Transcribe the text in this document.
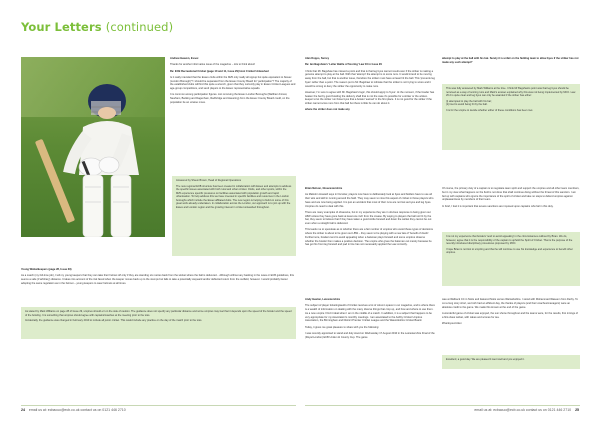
Your Letters (continued)

Andrew Heaven, Essex

Thanks for another informative issue of the magazine – lots to think about!

Re: ECB Recreational Cricket (page 10 and 11, Issue 29) Host Cricket Unleashed

Is it really intended that the Essex clubs within the M25 only really all signup but quite equivalent to 'Essex (London Borough)'? I should be separated from the Essex County Board for 'participation'? The majority of the established clubs will find this quite a wrench, given that they currently play in Essex Cricket Leagues and age-group competitions, and send players to the Essex representative squads.

It is common among participation figures. List removing the Essex London Boroughs (Waltham Forest, Newham, Barking and Dagenham, Redbridge and Havering) from the Essex County Board could, on the population be an unwise move.

Answered by Shaun Brown, Head of Regional Operations

The new regional ECB structure has been created in collaboration with Essex and attempts to address the specific issues associated with both rural and urban cricket. Clubs, and other sports, within the M25 experience specific pressures on facilities associated with population growth and rapid urbanisation. To help address this we have invested in specific facilities and resources in the London boroughs which include the Essex affiliated clubs. The new region is helping to build on some of this great work already undertaken. In collaboration across the London, our approach is to join up with the Essex and London region and the growing interest in cricket unleashed throughout.

Young Wicketkeepers (page 28, Issue 29)

As a coach (my full-time job), I tell my young keepers that they can take their helmet off only if they are standing six metres back from the wicket where the ball is delivered... Although without any backing in the Laws or ECB guidelines, this seems a safe (if arbitrary) distance. It takes into account of the risk faced when the keeper moves back up to the stumps but fails to take a potentially wayward and/or deflected return from the outfield, however. I would probably favour adopting the same regulation as in the helmet – young keepers to wear helmets at all times.

As stated by Mark Williams on page 28 of Issue 29, umpires should err on the side of caution. The guidance does not specify any particular distance and some umpires may feel that it depends upon the speed of the bowler and the speed of the bowling. It is something that umpires should agree with captains/coaches at the meeting prior to the toss.

Incidentally, the guidance was changed in February 2010 to include all junior cricket. This would include any practice on the day of the match prior to the toss.

Alan Dopps, Surrey

Re: Ian Bagshaw's 'Letter Battle of Scoring' Law 16 in Issue 29

I think that Mr. Bagshaw has missed a point and that is that leg byes cannot result even if the striker is making a genuine attempt to play at the ball. With that 'attempt' the attempt is to score runs. It would intend to be moving away from the ball, but that is another issue, therefore the striker must have at least hit the ball. This 'prevents leg byes' rather than a point. The reason put to Mr. Bagshaw to indicate that the striker is not trying to score and it would be wrong to deny the striker the opportunity to make runs.

However, I'm sure to agree with Mr. Bagshaw's logic, this should apply to 'byes'. At the moment, if the bowler has beaten the bat by good bowling the delivery shall that is not the case it's possible for a striker or the wicket-keeper to let the striker run those byes that a bowler 'earned' in the first place. It is not good for the striker if the striker cannot score runs from that ball but there is little he can do about it.

where the striker does not make any

Brian Nelson, Gloucestershire

As Malcolm Howard says in his letter, players now have to deliberately look at byes and fielders have to use all their wits and skill in running around the field. They may seem to miss this aspect of cricket in those players who have and are now being applied. It is just an accident that most of their runs are not lost as byes and leg byes. Umpires do need to deal with this.

There are many examples of obsessive, but in my experience they are in obvious response to being given out LBW unless they have gone back at least one inch from the crease. By saying to players the ball not hit by the bat, they seem to believe that if they have taken a good stride forward and down the wicket they cannot be out even when a straight ball is delivered.

This leads me to speculate as to whether there are a fair number of umpires who avoid these types of decisions where the striker is about to be given out LBW – they seem to be playing with a new law of 'benefit of doubt'. Furthermore, bowlers tend to avoid appealing when a batsman plays forward and some umpires observe whether the bowler then makes a positive decision. The umpire who gives the batsman out merely because he has got his front leg forward and pad in line has not necessarily applied the Law correctly.

Andy Heaton, Leicestershire

The subject of player ticketing/audit of Cricket receives a lot of column space in our magazine, and is where there is a wealth of information on dealing with the many diverse things that crop up, and how and where to use them. As a new umpire I find it ideal when I am in the middle of a match. In addition, it is a subject that happens to be very appropriate for my Association's monthly meetings. I am associated to the Ashby Cricket Umpires Association, the Birmingham and District Premier Cricket League and the Warwickshire Cricket Board.

Today, it gives me great pleasure to share with you the following:

I was recently appointed to stand and duly stood on Wednesday 17 August 2010 in the Leicestershire Final of the (Royal London) ECB Under-11 County Cup. The game

attempt to play at the ball with his bat. Surely it is unfair on the fielding team to allow byes if the striker has not made any such attempt?

This was fully answered by Mark Williams at the time. I think Mr Bagshaw's point was that leg byes should be removed as a way of scoring runs and Mark's answer explained why this was not being implemented by MCC. Law 26.2 is quite clear and leg byes can only be awarded if the striker has either:

(i) attempted to play the ball with his bat;

(ii) tried to avoid being hit by the ball.

It is for the umpire to decide whether either of these conditions has been met.

Of course, the primary duty of a captain is to negotiate team spirit and support the umpires and all other team members, but in my view what happens on the field is not done that shall continue doing without the threat of this sanction. I am fed up with captains who ignore the importance of the spirit of cricket and take no steps to defend umpires against unpleasantness by members of their team.

In brief, I feel it is important that severe sanctions are imposed upon captains who fail in this duty.

It is not my experience that bowlers 'tend to avoid appealing' in the circumstances outlined by Brian. We do, however, agree that it is the responsibility of the captain to uphold the Spirit of Cricket. That is the purpose of the recently introduced disciplinary procedures proposed by MCC.

I hope Brian is not lost to umpiring and that he will continue to use his knowledge and experience to benefit other umpires.

was at Welbeck CC in Notts and featured Notts versus Warwickshire. I stood with Mohammad Waseem from Derby. To cut a long story short, we both had an efficient day, the thanks of players (and their coaches/managers) were an absolute credit to the game. We made this known at the end of the game.

A wonderful game of cricket was enjoyed, the sun shone throughout and the teams were, for the results, first innings of a first-class wicket, with cakes and scones for tea.

#thankyoucricket

Excellent; a good day. We are pleased it went well and you enjoyed it.

24 email us at: ecbacuo@ecb.co.uk contact us on 0121 446 2710	email us at: ecbacuo@ecb.co.uk contact us on 0121 446 2710 25
